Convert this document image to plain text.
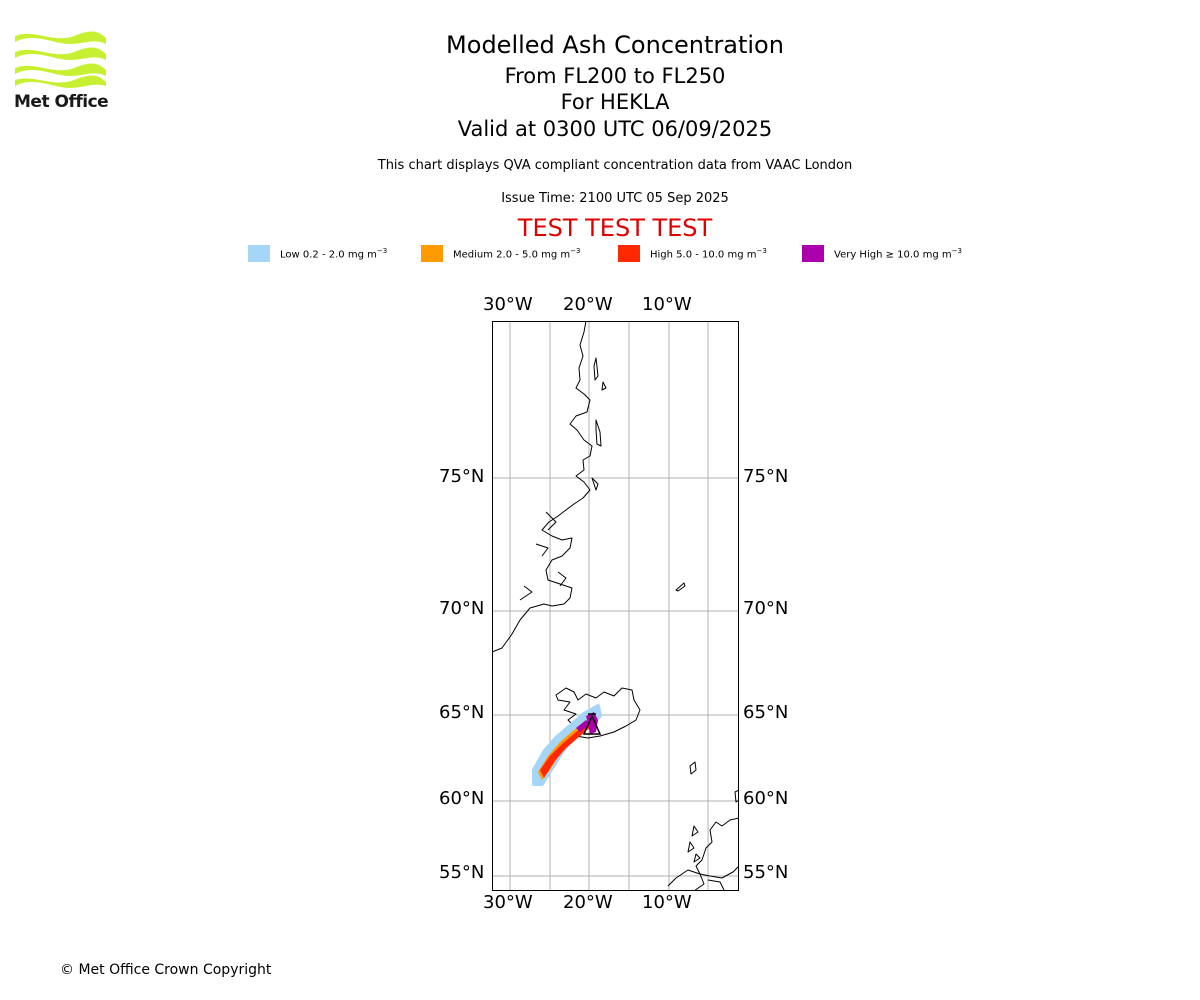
Met Office
Modelled Ash Concentration
From FL200 to FL250
For HEKLA
Valid at 0300 UTC 06/09/2025
This chart displays QVA compliant concentration data from VAAC London
Issue Time: 2100 UTC 05 Sep 2025
TEST TEST TEST
Low 0.2 - 2.0 mg $m^{-3}$	Medium 2.0 - 5.0 mg $m^{-3}$	High 5.0 - 10.0 mg $m^{-3}$	Very High ≥ 10.0 mg $m^{-3}$
30°W 20°W 10°W
30°W 20°W 10°W
75°N
70°N
65°N
60°N
55°N
75°N
70°N
65°N
60°N
55°N
© Met Office Crown Copyright
